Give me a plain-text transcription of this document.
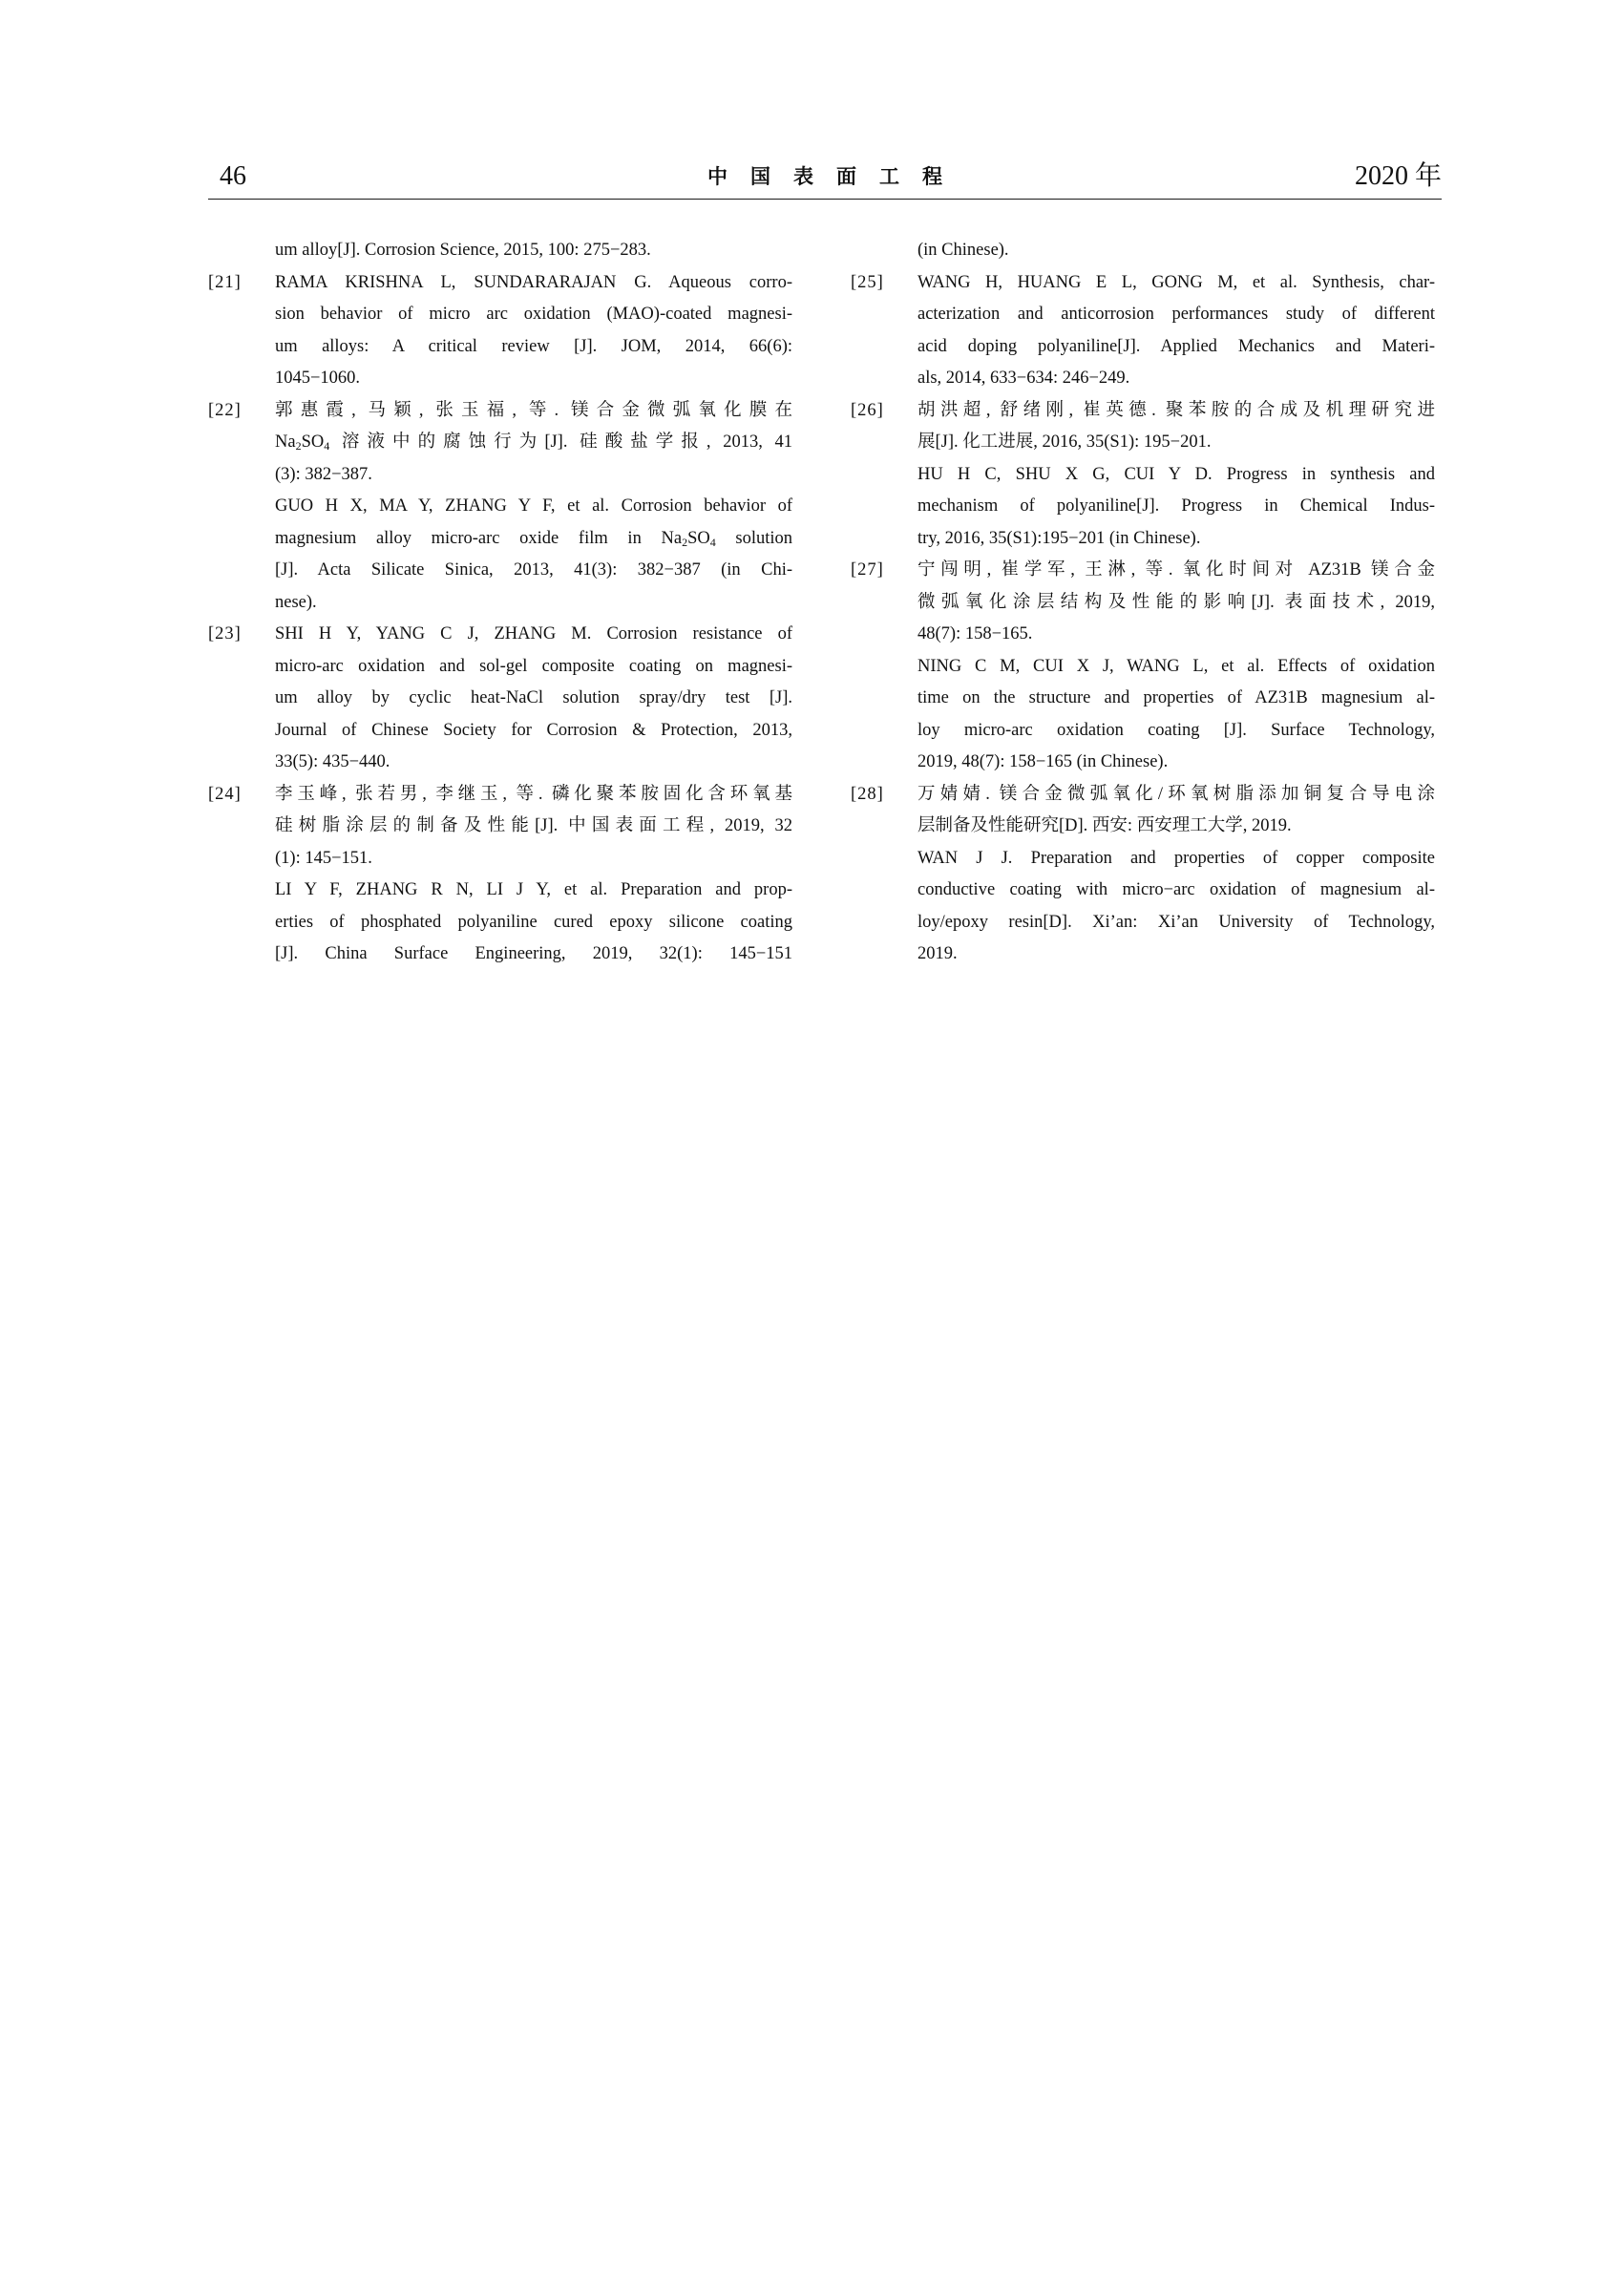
46	中国表面工程	2020 年
um alloy[J]. Corrosion Science, 2015, 100: 275−283.
[21] RAMA KRISHNA L, SUNDARARAJAN G. Aqueous corro-
sion behavior of micro arc oxidation (MAO)-coated magnesi-
um alloys: A critical review [J]. JOM, 2014, 66(6):
1045−1060.
[22] 郭惠霞, 马颖, 张玉福, 等. 镁合金微弧氧化膜在
$Na_2SO_4$ 溶液中的腐蚀行为[J]. 硅酸盐学报, 2013, 41
(3): 382−387.
GUO H X, MA Y, ZHANG Y F, et al. Corrosion behavior of
magnesium alloy micro-arc oxide film in $Na_2SO_4$ solution
[J]. Acta Silicate Sinica, 2013, 41(3): 382−387 (in Chi-
nese).
[23] SHI H Y, YANG C J, ZHANG M. Corrosion resistance of
micro-arc oxidation and sol-gel composite coating on magnesi-
um alloy by cyclic heat-NaCl solution spray/dry test [J].
Journal of Chinese Society for Corrosion & Protection, 2013,
33(5): 435−440.
[24] 李玉峰, 张若男, 李继玉, 等. 磷化聚苯胺固化含环氧基
硅树脂涂层的制备及性能[J]. 中国表面工程, 2019, 32
(1): 145−151.
LI Y F, ZHANG R N, LI J Y, et al. Preparation and prop-
erties of phosphated polyaniline cured epoxy silicone coating
[J]. China Surface Engineering, 2019, 32(1): 145−151
(in Chinese).
[25] WANG H, HUANG E L, GONG M, et al. Synthesis, char-
acterization and anticorrosion performances study of different
acid doping polyaniline[J]. Applied Mechanics and Materi-
als, 2014, 633−634: 246−249.
[26] 胡洪超, 舒绪刚, 崔英德. 聚苯胺的合成及机理研究进
展[J]. 化工进展, 2016, 35(S1): 195−201.
HU H C, SHU X G, CUI Y D. Progress in synthesis and
mechanism of polyaniline[J]. Progress in Chemical Indus-
try, 2016, 35(S1):195−201 (in Chinese).
[27] 宁闯明, 崔学军, 王淋, 等. 氧化时间对 AZ31B 镁合金
微弧氧化涂层结构及性能的影响[J]. 表面技术, 2019,
48(7): 158−165.
NING C M, CUI X J, WANG L, et al. Effects of oxidation
time on the structure and properties of AZ31B magnesium al-
loy micro-arc oxidation coating [J]. Surface Technology,
2019, 48(7): 158−165 (in Chinese).
[28] 万婧婧. 镁合金微弧氧化/环氧树脂添加铜复合导电涂
层制备及性能研究[D]. 西安: 西安理工大学, 2019.
WAN J J. Preparation and properties of copper composite
conductive coating with micro−arc oxidation of magnesium al-
loy/epoxy resin[D]. Xi’an: Xi’an University of Technology,
2019.
